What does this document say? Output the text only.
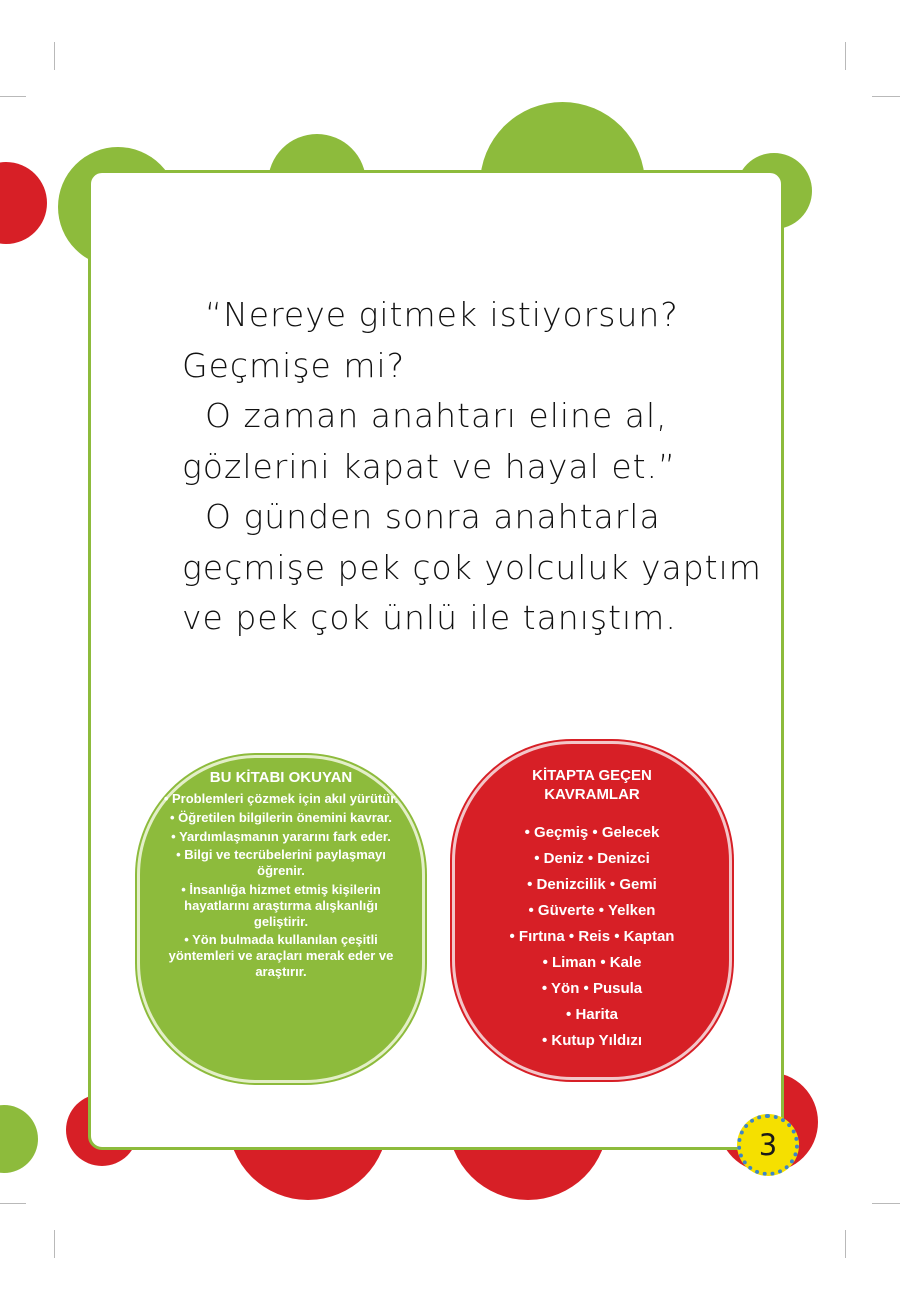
“Nereye gitmek istiyorsun?
Geçmişe mi?
O zaman anahtarı eline al,
gözlerini kapat ve hayal et.”
O günden sonra anahtarla
geçmişe pek çok yolculuk yaptım
ve pek çok ünlü ile tanıştım.

BU KİTABI OKUYAN
• Problemleri çözmek için akıl yürütür.
• Öğretilen bilgilerin önemini kavrar.
• Yardımlaşmanın yararını fark eder.
• Bilgi ve tecrübelerini paylaşmayı öğrenir.
• İnsanlığa hizmet etmiş kişilerin hayatlarını araştırma alışkanlığı geliştirir.
• Yön bulmada kullanılan çeşitli yöntemleri ve araçları merak eder ve araştırır.
KİTAPTA GEÇEN KAVRAMLAR
• Geçmiş • Gelecek
• Deniz • Denizci
• Denizcilik • Gemi
• Güverte • Yelken
• Fırtına • Reis • Kaptan
• Liman • Kale
• Yön • Pusula
• Harita
• Kutup Yıldızı
3
